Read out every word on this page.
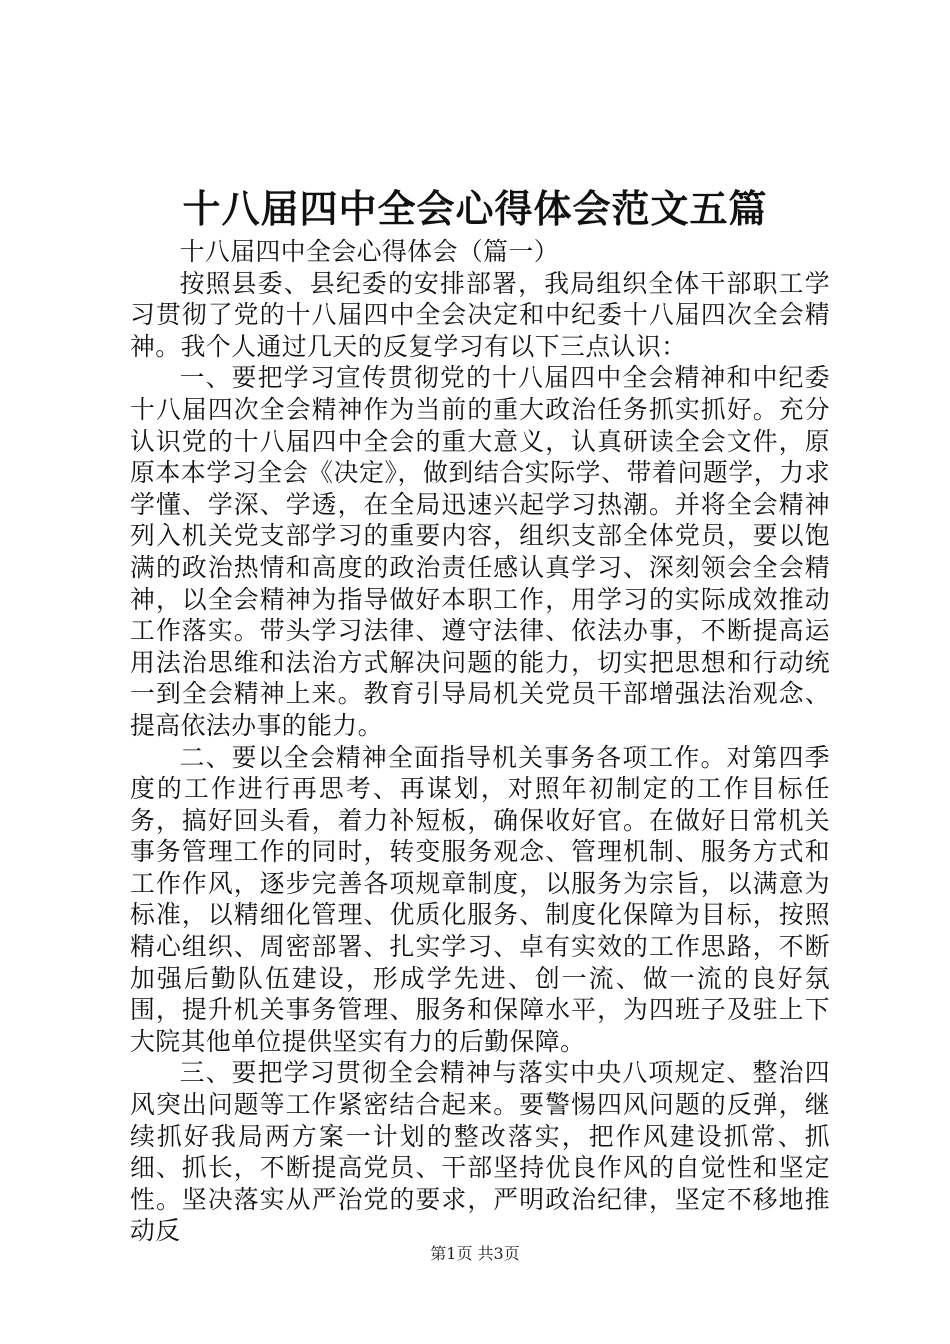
十八届四中全会心得体会范文五篇

十八届四中全会心得体会（篇一）

按照县委、县纪委的安排部署，我局组织全体干部职工学习贯彻了党的十八届四中全会决定和中纪委十八届四次全会精神。我个人通过几天的反复学习有以下三点认识：

一、要把学习宣传贯彻党的十八届四中全会精神和中纪委十八届四次全会精神作为当前的重大政治任务抓实抓好。充分认识党的十八届四中全会的重大意义，认真研读全会文件，原原本本学习全会《决定》，做到结合实际学、带着问题学，力求学懂、学深、学透，在全局迅速兴起学习热潮。并将全会精神列入机关党支部学习的重要内容，组织支部全体党员，要以饱满的政治热情和高度的政治责任感认真学习、深刻领会全会精神，以全会精神为指导做好本职工作，用学习的实际成效推动工作落实。带头学习法律、遵守法律、依法办事，不断提高运用法治思维和法治方式解决问题的能力，切实把思想和行动统一到全会精神上来。教育引导局机关党员干部增强法治观念、提高依法办事的能力。

二、要以全会精神全面指导机关事务各项工作。对第四季度的工作进行再思考、再谋划，对照年初制定的工作目标任务，搞好回头看，着力补短板，确保收好官。在做好日常机关事务管理工作的同时，转变服务观念、管理机制、服务方式和工作作风，逐步完善各项规章制度，以服务为宗旨，以满意为标准，以精细化管理、优质化服务、制度化保障为目标，按照精心组织、周密部署、扎实学习、卓有实效的工作思路，不断加强后勤队伍建设，形成学先进、创一流、做一流的良好氛围，提升机关事务管理、服务和保障水平，为四班子及驻上下大院其他单位提供坚实有力的后勤保障。

三、要把学习贯彻全会精神与落实中央八项规定、整治四风突出问题等工作紧密结合起来。要警惕四风问题的反弹，继续抓好我局两方案一计划的整改落实，把作风建设抓常、抓细、抓长，不断提高党员、干部坚持优良作风的自觉性和坚定性。坚决落实从严治党的要求，严明政治纪律，坚定不移地推动反

第1页 共3页
